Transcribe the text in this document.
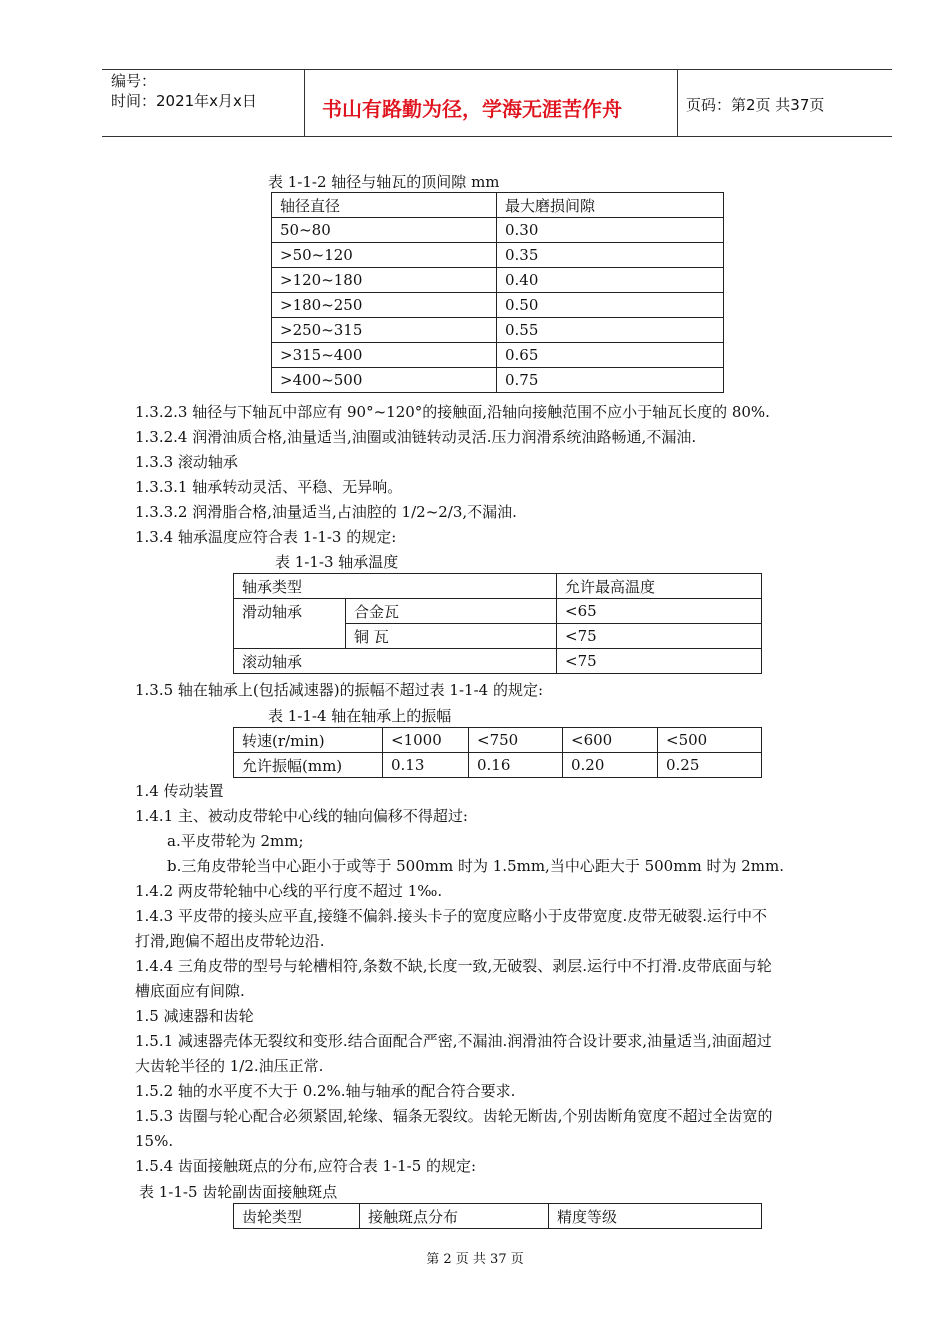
编号：
时间：2021年x月x日	书山有路勤为径，学海无涯苦作舟	页码：第2页 共37页
表 1-1-2 轴径与轴瓦的顶间隙 mm
轴径直径	最大磨损间隙
50~80	0.30
>50~120	0.35
>120~180	0.40
>180~250	0.50
>250~315	0.55
>315~400	0.65
>400~500	0.75
1.3.2.3 轴径与下轴瓦中部应有 90°~120°的接触面,沿轴向接触范围不应小于轴瓦长度的 80%.
1.3.2.4 润滑油质合格,油量适当,油圈或油链转动灵活.压力润滑系统油路畅通,不漏油.
1.3.3 滚动轴承
1.3.3.1 轴承转动灵活、平稳、无异响。
1.3.3.2 润滑脂合格,油量适当,占油腔的 1/2~2/3,不漏油.
1.3.4 轴承温度应符合表 1-1-3 的规定:
表 1-1-3 轴承温度
轴承类型		允许最高温度
滑动轴承	合金瓦	<65
	铜 瓦	<75
滚动轴承		<75
1.3.5 轴在轴承上(包括减速器)的振幅不超过表 1-1-4 的规定:
表 1-1-4 轴在轴承上的振幅
转速(r/min)	<1000	<750	<600	<500
允许振幅(mm)	0.13	0.16	0.20	0.25
1.4 传动装置
1.4.1 主、被动皮带轮中心线的轴向偏移不得超过:
a.平皮带轮为 2mm;
b.三角皮带轮当中心距小于或等于 500mm 时为 1.5mm,当中心距大于 500mm 时为 2mm.
1.4.2 两皮带轮轴中心线的平行度不超过 1‰.
1.4.3 平皮带的接头应平直,接缝不偏斜.接头卡子的宽度应略小于皮带宽度.皮带无破裂.运行中不
打滑,跑偏不超出皮带轮边沿.
1.4.4 三角皮带的型号与轮槽相符,条数不缺,长度一致,无破裂、剥层.运行中不打滑.皮带底面与轮
槽底面应有间隙.
1.5 减速器和齿轮
1.5.1 减速器壳体无裂纹和变形.结合面配合严密,不漏油.润滑油符合设计要求,油量适当,油面超过
大齿轮半径的 1/2.油压正常.
1.5.2 轴的水平度不大于 0.2%.轴与轴承的配合符合要求.
1.5.3 齿圈与轮心配合必须紧固,轮缘、辐条无裂纹。齿轮无断齿,个别齿断角宽度不超过全齿宽的
15%.
1.5.4 齿面接触斑点的分布,应符合表 1-1-5 的规定:
表 1-1-5 齿轮副齿面接触斑点
齿轮类型	接触斑点分布	精度等级
第 2 页 共 37 页
